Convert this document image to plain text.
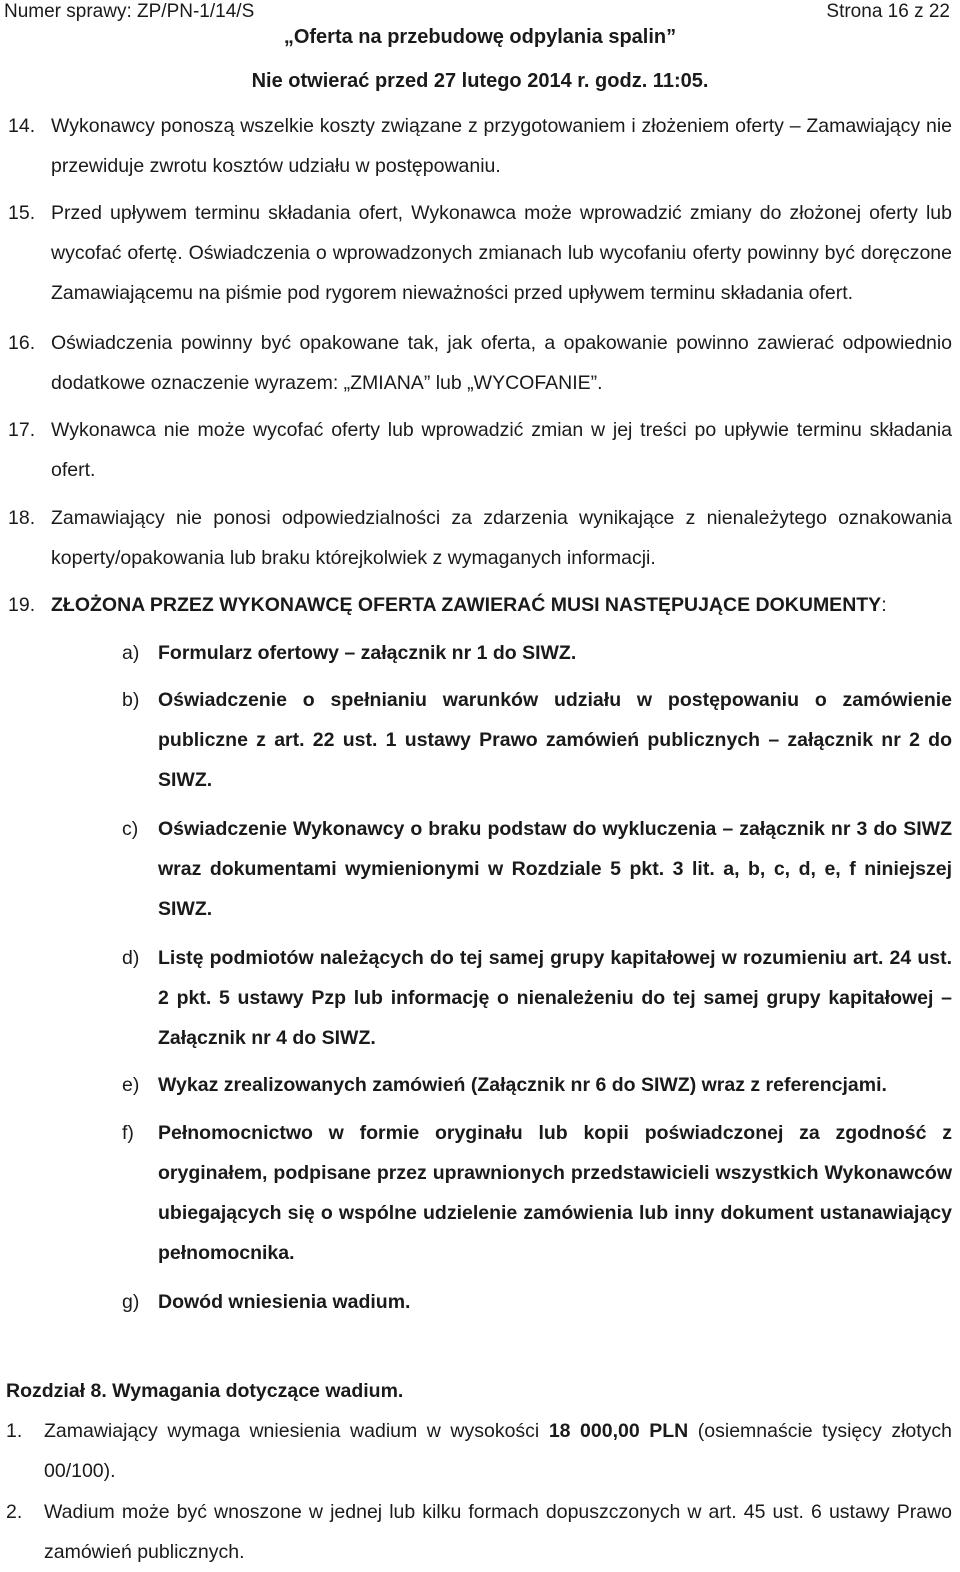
Numer sprawy: ZP/PN-1/14/S	Strona 16 z 22
„Oferta na przebudowę odpylania spalin”
Nie otwierać przed 27 lutego 2014 r. godz. 11:05.
14. Wykonawcy ponoszą wszelkie koszty związane z przygotowaniem i złożeniem oferty – Zamawiający nie przewiduje zwrotu kosztów udziału w postępowaniu.
15. Przed upływem terminu składania ofert, Wykonawca może wprowadzić zmiany do złożonej oferty lub wycofać ofertę. Oświadczenia o wprowadzonych zmianach lub wycofaniu oferty powinny być doręczone Zamawiającemu na piśmie pod rygorem nieważności przed upływem terminu składania ofert.
16. Oświadczenia powinny być opakowane tak, jak oferta, a opakowanie powinno zawierać odpowiednio dodatkowe oznaczenie wyrazem: „ZMIANA” lub „WYCOFANIE”.
17. Wykonawca nie może wycofać oferty lub wprowadzić zmian w jej treści po upływie terminu składania ofert.
18. Zamawiający nie ponosi odpowiedzialności za zdarzenia wynikające z nienależytego oznakowania koperty/opakowania lub braku którejkolwiek z wymaganych informacji.
19. ZŁOŻONA PRZEZ WYKONAWCĘ OFERTA ZAWIERAĆ MUSI NASTĘPUJĄCE DOKUMENTY:
a) Formularz ofertowy – załącznik nr 1 do SIWZ.
b) Oświadczenie o spełnianiu warunków udziału w postępowaniu o zamówienie publiczne z art. 22 ust. 1 ustawy Prawo zamówień publicznych – załącznik nr 2 do SIWZ.
c) Oświadczenie Wykonawcy o braku podstaw do wykluczenia – załącznik nr 3 do SIWZ wraz dokumentami wymienionymi w Rozdziale 5 pkt. 3 lit. a, b, c, d, e, f niniejszej SIWZ.
d) Listę podmiotów należących do tej samej grupy kapitałowej w rozumieniu art. 24 ust. 2 pkt. 5 ustawy Pzp lub informację o nienależeniu do tej samej grupy kapitałowej – Załącznik nr 4 do SIWZ.
e) Wykaz zrealizowanych zamówień (Załącznik nr 6 do SIWZ) wraz z referencjami.
f) Pełnomocnictwo w formie oryginału lub kopii poświadczonej za zgodność z oryginałem, podpisane przez uprawnionych przedstawicieli wszystkich Wykonawców ubiegających się o wspólne udzielenie zamówienia lub inny dokument ustanawiający pełnomocnika.
g) Dowód wniesienia wadium.
Rozdział 8. Wymagania dotyczące wadium.
1. Zamawiający wymaga wniesienia wadium w wysokości 18 000,00 PLN (osiemnaście tysięcy złotych 00/100).
2. Wadium może być wnoszone w jednej lub kilku formach dopuszczonych w art. 45 ust. 6 ustawy Prawo zamówień publicznych.
